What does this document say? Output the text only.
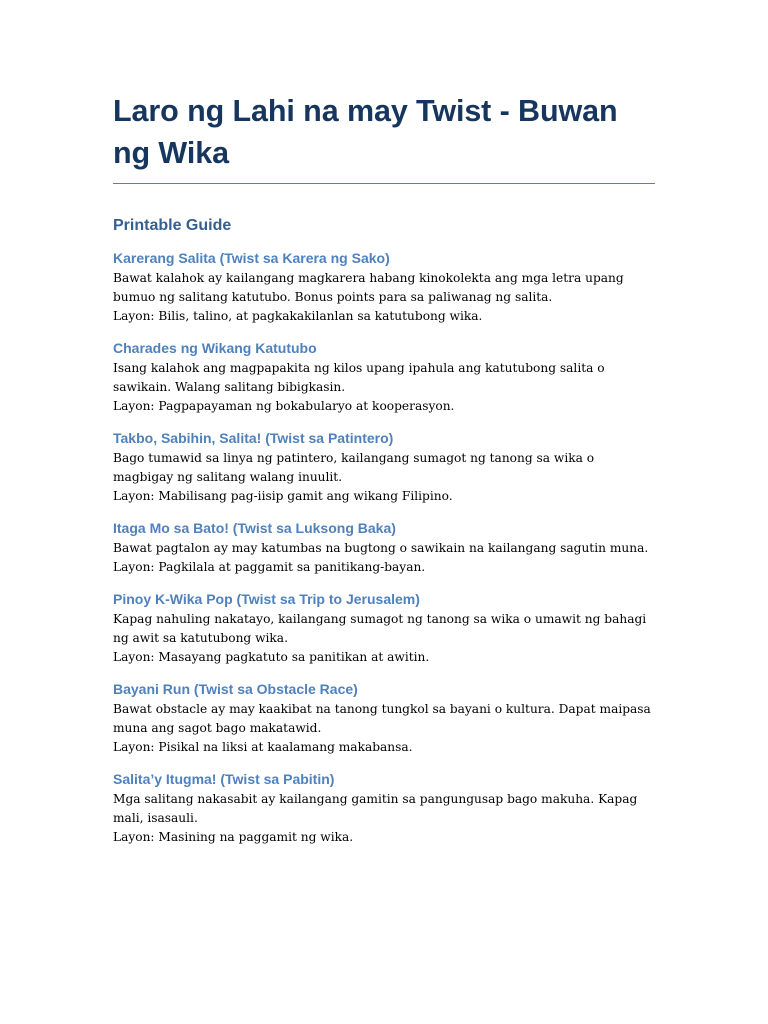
Laro ng Lahi na may Twist - Buwan ng Wika
Printable Guide
Karerang Salita (Twist sa Karera ng Sako)

Bawat kalahok ay kailangang magkarera habang kinokolekta ang mga letra upang bumuo ng salitang katutubo. Bonus points para sa paliwanag ng salita.
Layon: Bilis, talino, at pagkakakilanlan sa katutubong wika.

Charades ng Wikang Katutubo

Isang kalahok ang magpapakita ng kilos upang ipahula ang katutubong salita o sawikain. Walang salitang bibigkasin.
Layon: Pagpapayaman ng bokabularyo at kooperasyon.

Takbo, Sabihin, Salita! (Twist sa Patintero)

Bago tumawid sa linya ng patintero, kailangang sumagot ng tanong sa wika o magbigay ng salitang walang inuulit.
Layon: Mabilisang pag-iisip gamit ang wikang Filipino.

Itaga Mo sa Bato! (Twist sa Luksong Baka)

Bawat pagtalon ay may katumbas na bugtong o sawikain na kailangang sagutin muna.
Layon: Pagkilala at paggamit sa panitikang-bayan.

Pinoy K-Wika Pop (Twist sa Trip to Jerusalem)

Kapag nahuling nakatayo, kailangang sumagot ng tanong sa wika o umawit ng bahagi ng awit sa katutubong wika.
Layon: Masayang pagkatuto sa panitikan at awitin.

Bayani Run (Twist sa Obstacle Race)

Bawat obstacle ay may kaakibat na tanong tungkol sa bayani o kultura. Dapat maipasa muna ang sagot bago makatawid.
Layon: Pisikal na liksi at kaalamang makabansa.

Salita’y Itugma! (Twist sa Pabitin)

Mga salitang nakasabit ay kailangang gamitin sa pangungusap bago makuha. Kapag mali, isasauli.
Layon: Masining na paggamit ng wika.
